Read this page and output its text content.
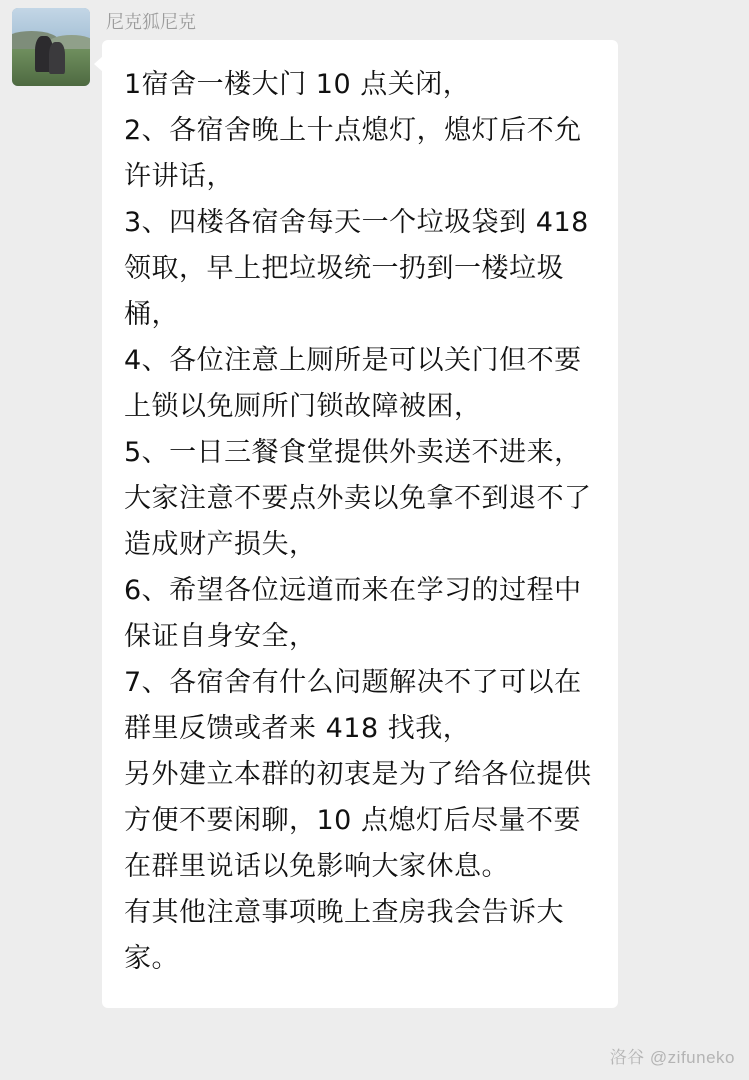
尼克狐尼克

1宿舍一楼大门 10 点关闭，

2、各宿舍晚上十点熄灯，熄灯后不允许讲话，

3、四楼各宿舍每天一个垃圾袋到 418 领取，早上把垃圾统一扔到一楼垃圾桶，

4、各位注意上厕所是可以关门但不要上锁以免厕所门锁故障被困，

5、一日三餐食堂提供外卖送不进来，大家注意不要点外卖以免拿不到退不了造成财产损失，

6、希望各位远道而来在学习的过程中保证自身安全，

7、各宿舍有什么问题解决不了可以在群里反馈或者来 418 找我，

另外建立本群的初衷是为了给各位提供方便不要闲聊，10 点熄灯后尽量不要在群里说话以免影响大家休息。

有其他注意事项晚上查房我会告诉大家。

洛谷 @zifuneko
